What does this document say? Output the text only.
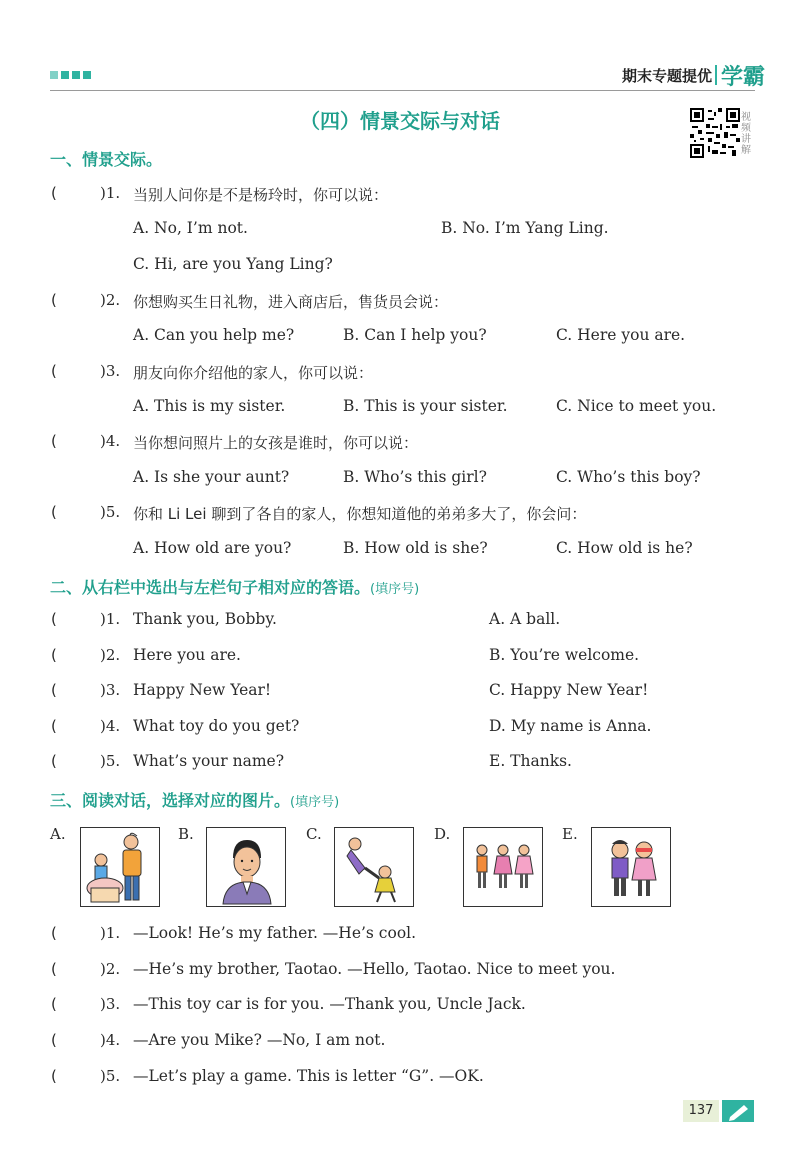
期末专题提优 学霸
（四）情景交际与对话	视频讲解
一、情景交际。
(	)1. 当别人问你是不是杨玲时，你可以说：
A. No, I’m not.	B. No. I’m Yang Ling.
C. Hi, are you Yang Ling?
(	)2. 你想购买生日礼物，进入商店后，售货员会说：
A. Can you help me?	B. Can I help you?	C. Here you are.
(	)3. 朋友向你介绍他的家人，你可以说：
A. This is my sister.	B. This is your sister.	C. Nice to meet you.
(	)4. 当你想问照片上的女孩是谁时，你可以说：
A. Is she your aunt?	B. Who’s this girl?	C. Who’s this boy?
(	)5. 你和 Li Lei 聊到了各自的家人，你想知道他的弟弟多大了，你会问：
A. How old are you?	B. How old is she?	C. How old is he?
二、从右栏中选出与左栏句子相对应的答语。(填序号)
(	)1. Thank you, Bobby.	A. A ball.
(	)2. Here you are.	B. You’re welcome.
(	)3. Happy New Year!	C. Happy New Year!
(	)4. What toy do you get?	D. My name is Anna.
(	)5. What’s your name?	E. Thanks.
三、阅读对话，选择对应的图片。(填序号)
A.	B.	C.	D.	E.
(	)1. —Look! He’s my father. —He’s cool.
(	)2. —He’s my brother, Taotao. —Hello, Taotao. Nice to meet you.
(	)3. —This toy car is for you. —Thank you, Uncle Jack.
(	)4. —Are you Mike? —No, I am not.
(	)5. —Let’s play a game. This is letter “G”. —OK.
137
